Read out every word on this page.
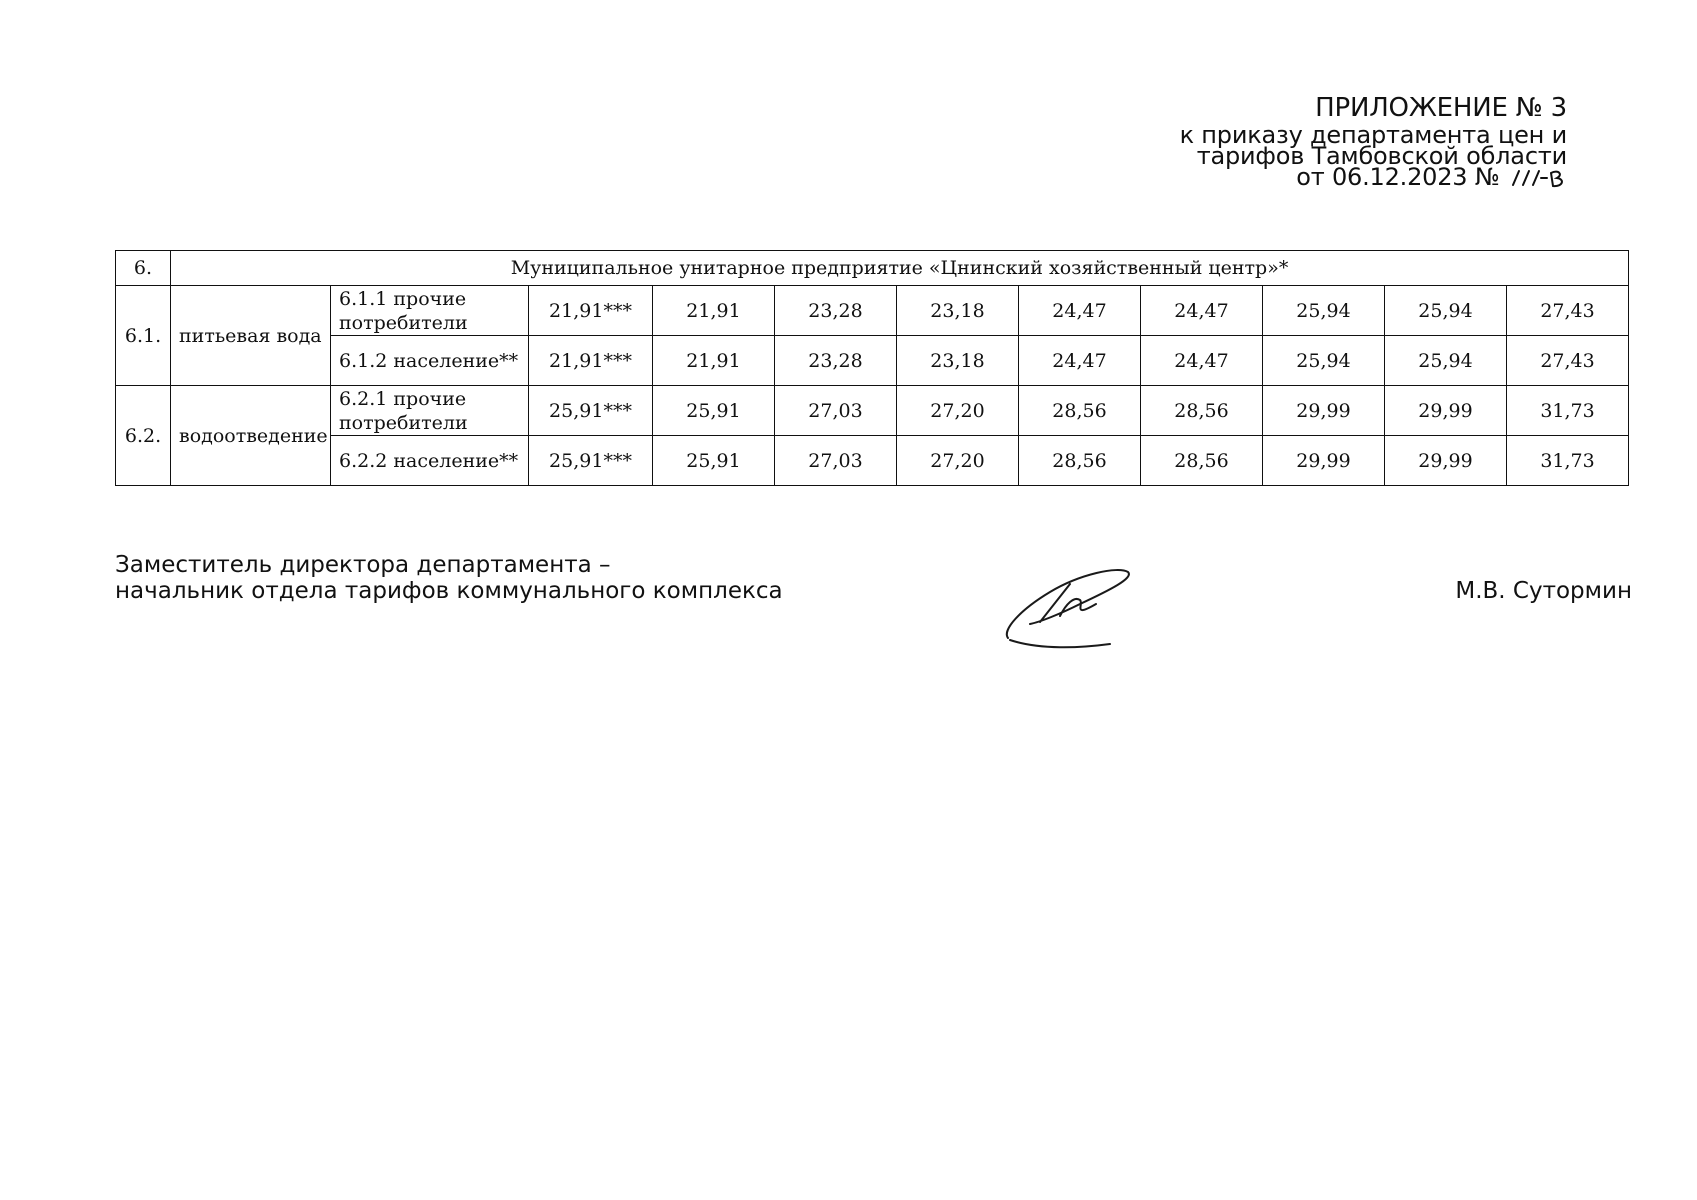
ПРИЛОЖЕНИЕ № 3
к приказу департамента цен и
тарифов Тамбовской области
от 06.12.2023 №
6.	Муниципальное унитарное предприятие «Цнинский хозяйственный центр»*										
6.1.	питьевая вода	6.1.1 прочие потребители	21,91***	21,91	23,28	23,18	24,47	24,47	25,94	25,94	27,43
		6.1.2 население**	21,91***	21,91	23,28	23,18	24,47	24,47	25,94	25,94	27,43
6.2.	водоотведение	6.2.1 прочие потребители	25,91***	25,91	27,03	27,20	28,56	28,56	29,99	29,99	31,73
		6.2.2 население**	25,91***	25,91	27,03	27,20	28,56	28,56	29,99	29,99	31,73
Заместитель директора департамента –
начальник отдела тарифов коммунального комплекса	М.В. Сутормин
